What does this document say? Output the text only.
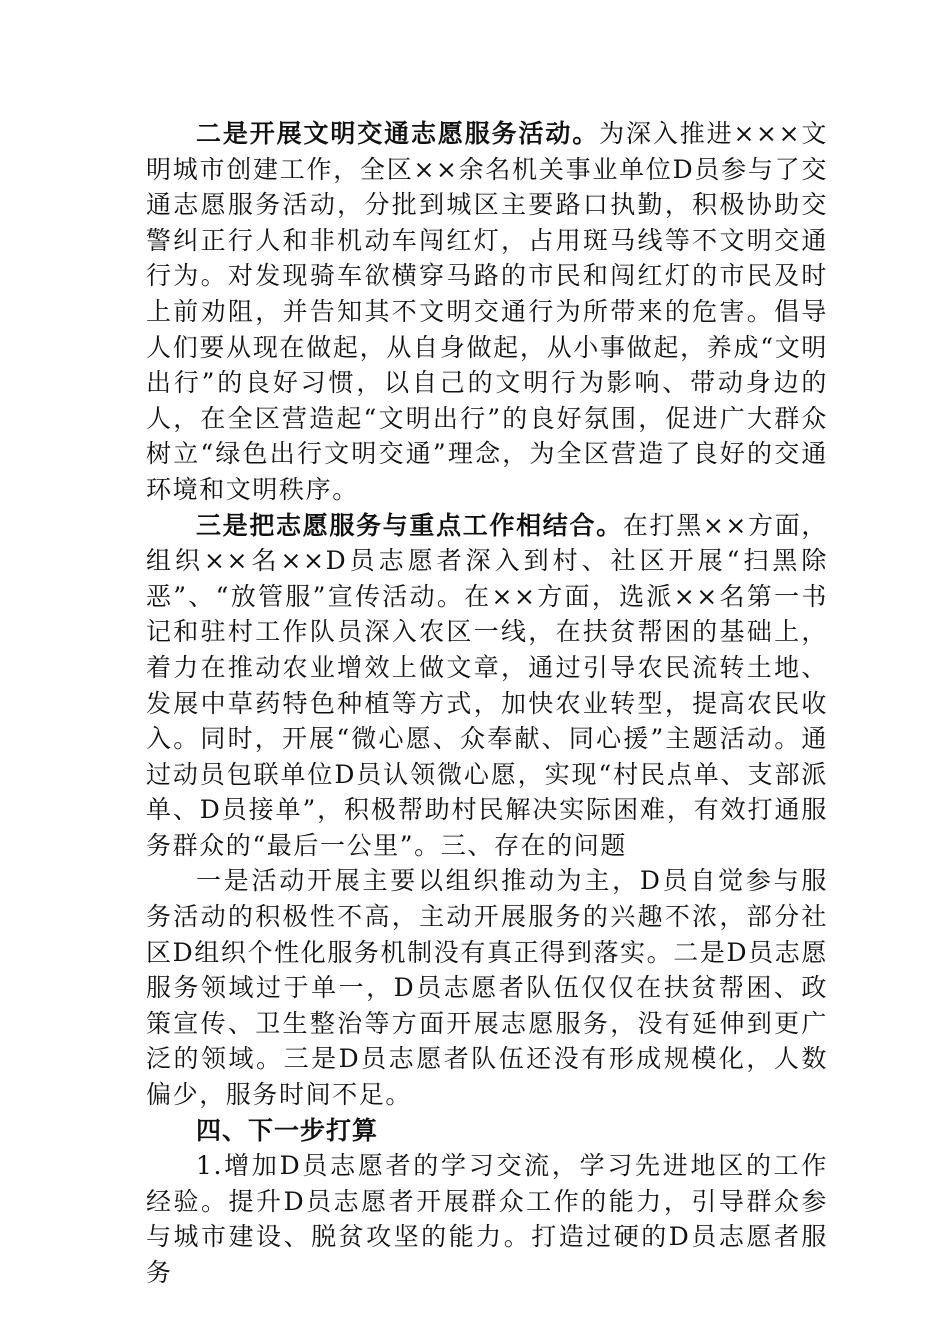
二是开展文明交通志愿服务活动。为深入推进×××文明城市创建工作，全区××余名机关事业单位D员参与了交通志愿服务活动，分批到城区主要路口执勤，积极协助交警纠正行人和非机动车闯红灯，占用斑马线等不文明交通行为。对发现骑车欲横穿马路的市民和闯红灯的市民及时上前劝阻，并告知其不文明交通行为所带来的危害。倡导人们要从现在做起，从自身做起，从小事做起，养成“文明出行”的良好习惯，以自己的文明行为影响、带动身边的人，在全区营造起“文明出行”的良好氛围，促进广大群众树立“绿色出行文明交通”理念，为全区营造了良好的交通环境和文明秩序。

三是把志愿服务与重点工作相结合。在打黑××方面，组织××名××D员志愿者深入到村、社区开展“扫黑除恶”、“放管服”宣传活动。在××方面，选派××名第一书记和驻村工作队员深入农区一线，在扶贫帮困的基础上，着力在推动农业增效上做文章，通过引导农民流转土地、发展中草药特色种植等方式，加快农业转型，提高农民收入。同时，开展“微心愿、众奉献、同心援”主题活动。通过动员包联单位D员认领微心愿，实现“村民点单、支部派单、D员接单”，积极帮助村民解决实际困难，有效打通服务群众的“最后一公里”。三、存在的问题

一是活动开展主要以组织推动为主，D员自觉参与服务活动的积极性不高，主动开展服务的兴趣不浓，部分社区D组织个性化服务机制没有真正得到落实。二是D员志愿服务领域过于单一，D员志愿者队伍仅仅在扶贫帮困、政策宣传、卫生整治等方面开展志愿服务，没有延伸到更广泛的领域。三是D员志愿者队伍还没有形成规模化，人数偏少，服务时间不足。

四、下一步打算

1.增加D员志愿者的学习交流，学习先进地区的工作经验。提升D员志愿者开展群众工作的能力，引导群众参与城市建设、脱贫攻坚的能力。打造过硬的D员志愿者服务
